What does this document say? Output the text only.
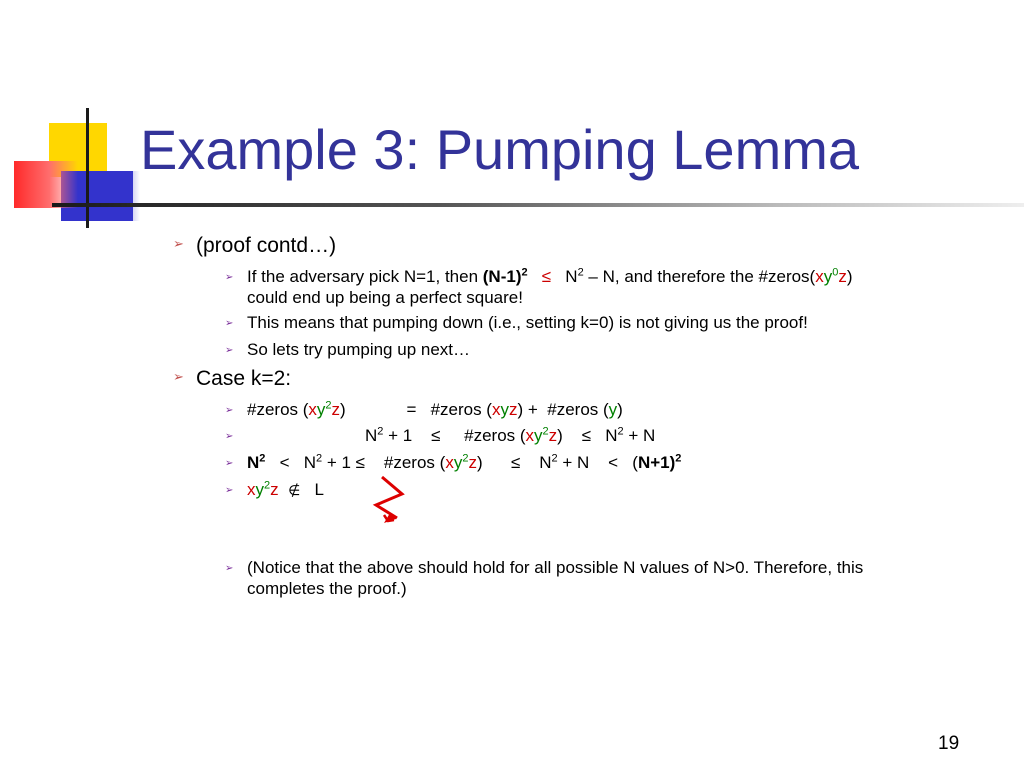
Example 3: Pumping Lemma
➢ (proof contd…)
➢ If the adversary pick N=1, then $(N-1)^2 \le N^2 - N$, and therefore the $\#zeros(xy^0z)$
could end up being a perfect square!
➢ This means that pumping down (i.e., setting k=0) is not giving us the proof!
➢ So lets try pumping up next…
➢ Case k=2:
➢ #zeros $(xy^2z)$	= #zeros (xyz) + #zeros (y)
➢	$N^2 + 1$ ≤ #zeros $(xy^2z) \le N^2 + N$
➢ $N^2 < N^2 + 1$ ≤ #zeros $(xy^2z) \le N^2 + N < (N+1)^2$
➢ $xy^2z$ ∉ L
➢ (Notice that the above should hold for all possible N values of N>0. Therefore, this
completes the proof.)
19
